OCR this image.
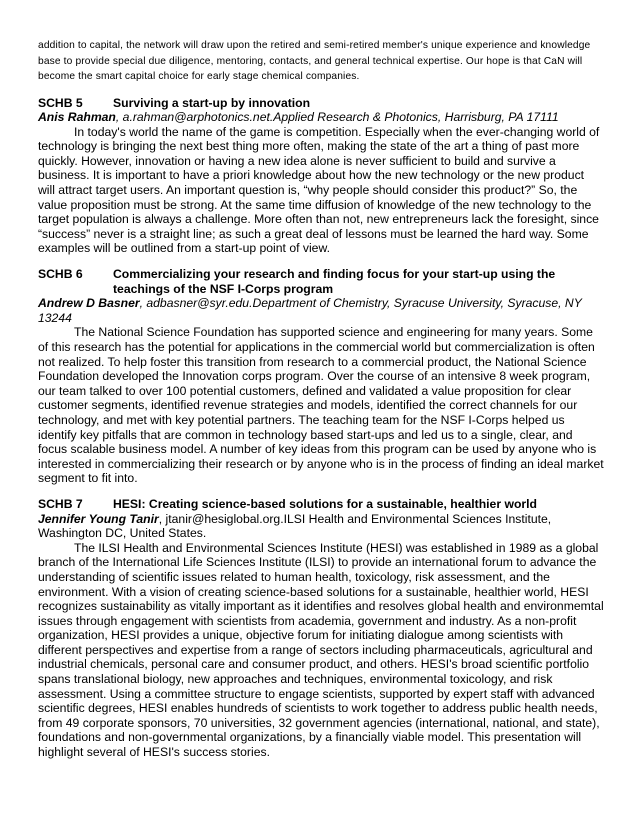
addition to capital, the network will draw upon the retired and semi-retired member's unique experience and knowledge base to provide special due diligence, mentoring, contacts, and general technical expertise. Our hope is that CaN will become the smart capital choice for early stage chemical companies.

SCHB 5	Surviving a start-up by innovation
Anis Rahman, a.rahman@arphotonics.net.Applied Research & Photonics, Harrisburg, PA 17111

In today's world the name of the game is competition. Especially when the ever-changing world of technology is bringing the next best thing more often, making the state of the art a thing of past more quickly. However, innovation or having a new idea alone is never sufficient to build and survive a business. It is important to have a priori knowledge about how the new technology or the new product will attract target users. An important question is, “why people should consider this product?” So, the value proposition must be strong. At the same time diffusion of knowledge of the new technology to the target population is always a challenge. More often than not, new entrepreneurs lack the foresight, since “success” never is a straight line; as such a great deal of lessons must be learned the hard way. Some examples will be outlined from a start-up point of view.

SCHB 6	Commercializing your research and finding focus for your start-up using the teachings of the NSF I-Corps program
Andrew D Basner, adbasner@syr.edu.Department of Chemistry, Syracuse University, Syracuse, NY 13244

The National Science Foundation has supported science and engineering for many years. Some of this research has the potential for applications in the commercial world but commercialization is often not realized. To help foster this transition from research to a commercial product, the National Science Foundation developed the Innovation corps program. Over the course of an intensive 8 week program, our team talked to over 100 potential customers, defined and validated a value proposition for clear customer segments, identified revenue strategies and models, identified the correct channels for our technology, and met with key potential partners. The teaching team for the NSF I-Corps helped us identify key pitfalls that are common in technology based start-ups and led us to a single, clear, and focus scalable business model. A number of key ideas from this program can be used by anyone who is interested in commercializing their research or by anyone who is in the process of finding an ideal market segment to fit into.

SCHB 7	HESI: Creating science-based solutions for a sustainable, healthier world
Jennifer Young Tanir, jtanir@hesiglobal.org.ILSI Health and Environmental Sciences Institute, Washington DC, United States.

The ILSI Health and Environmental Sciences Institute (HESI) was established in 1989 as a global branch of the International Life Sciences Institute (ILSI) to provide an international forum to advance the understanding of scientific issues related to human health, toxicology, risk assessment, and the environment. With a vision of creating science-based solutions for a sustainable, healthier world, HESI recognizes sustainability as vitally important as it identifies and resolves global health and environmemtal issues through engagement with scientists from academia, government and industry. As a non-profit organization, HESI provides a unique, objective forum for initiating dialogue among scientists with different perspectives and expertise from a range of sectors including pharmaceuticals, agricultural and industrial chemicals, personal care and consumer product, and others. HESI's broad scientific portfolio spans translational biology, new approaches and techniques, environmental toxicology, and risk assessment. Using a committee structure to engage scientists, supported by expert staff with advanced scientific degrees, HESI enables hundreds of scientists to work together to address public health needs, from 49 corporate sponsors, 70 universities, 32 government agencies (international, national, and state), foundations and non-governmental organizations, by a financially viable model. This presentation will highlight several of HESI's success stories.
